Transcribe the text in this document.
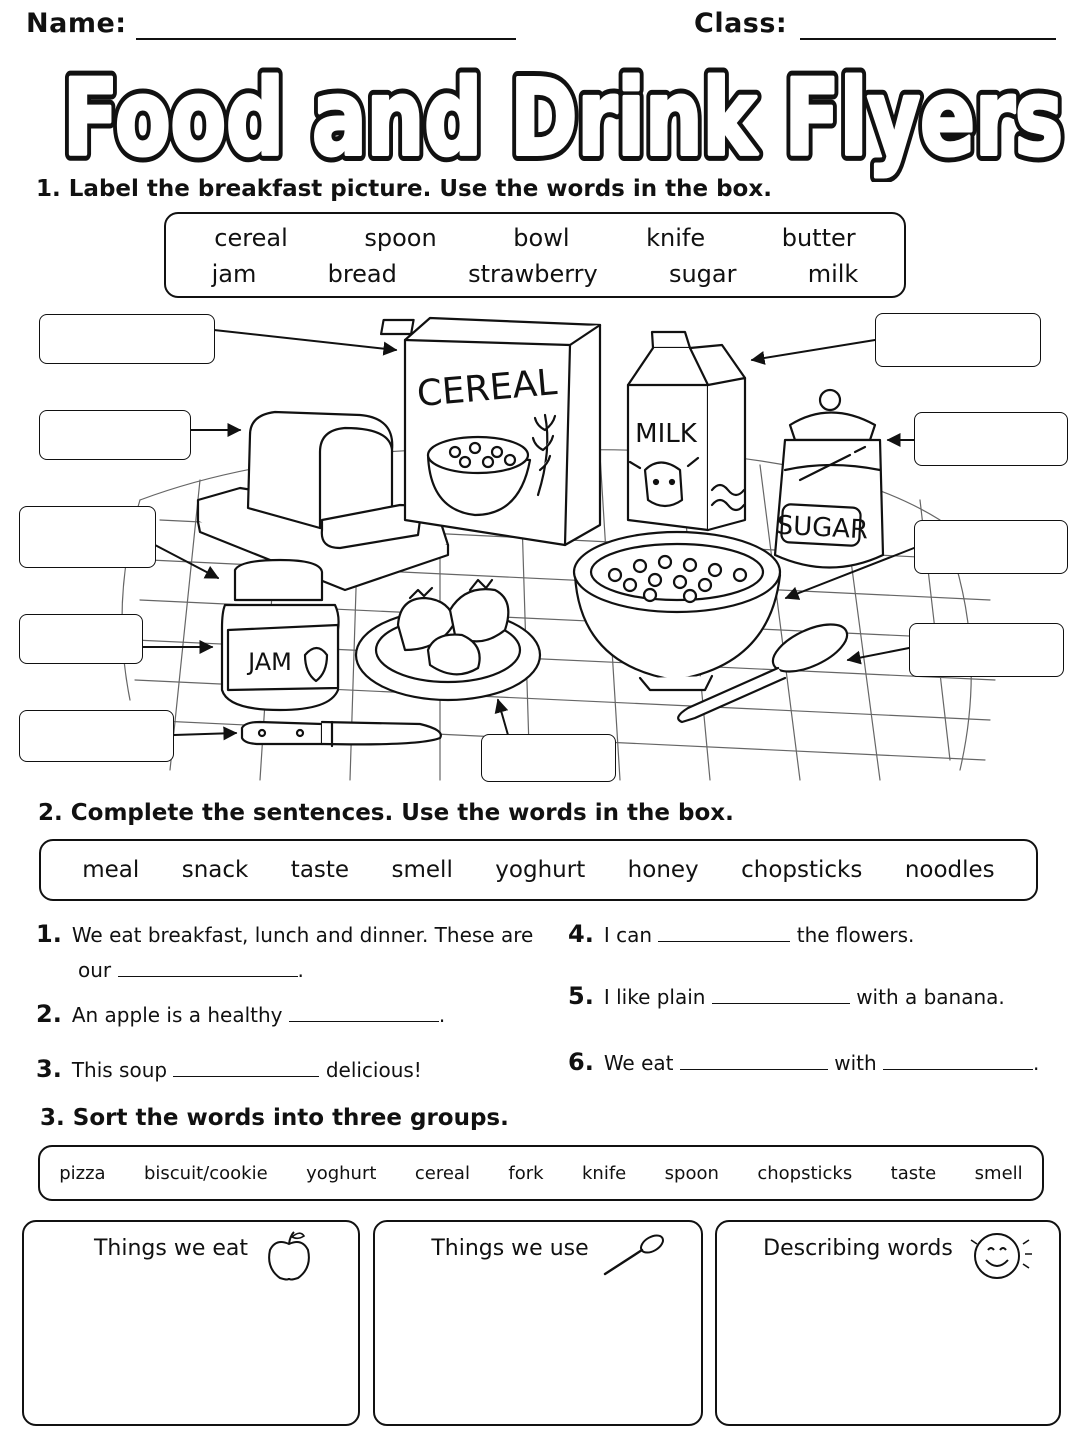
Name:	Class:
Food and Drink Flyers
Food and Drink Flyers
1. Label the breakfast picture. Use the words in the box.
cereal	spoon	bowl	knife	butter
jam	bread	strawberry	sugar	milk
CEREAL
MILK
SUGAR
JAM
2. Complete the sentences. Use the words in the box.
meal snack taste smell yoghurt honey chopsticks noodles
1. We eat breakfast, lunch and dinner. These are
our	.
2. An apple is a healthy	.
3. This soup	delicious!
4. I can	the flowers.
5. I like plain	with a banana.
6. We eat	with	.
3. Sort the words into three groups.
pizza biscuit/cookie yoghurt cereal fork knife spoon chopsticks taste smell
Things we eat	Things we use	Describing words
